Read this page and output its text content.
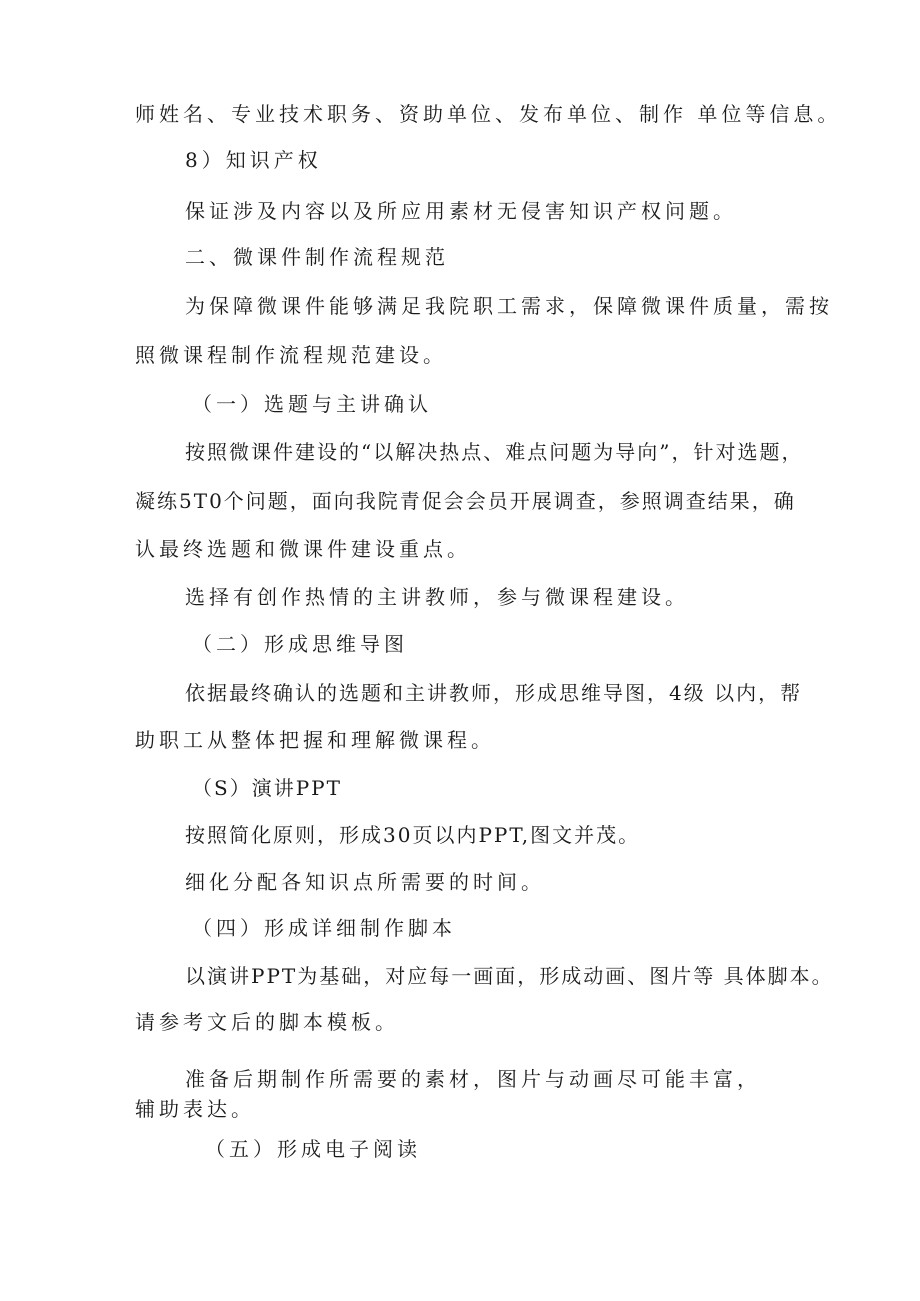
师姓名、专业技术职务、资助单位、发布单位、制作 单位等信息。
8）知识产权
保证涉及内容以及所应用素材无侵害知识产权问题。
二、微课件制作流程规范
为保障微课件能够满足我院职工需求，保障微课件质量，需按
照微课程制作流程规范建设。
（一）选题与主讲确认
按照微课件建设的“以解决热点、难点问题为导向”，针对选题，
凝练5T0个问题，面向我院青促会会员开展调查，参照调查结果，确
认最终选题和微课件建设重点。
选择有创作热情的主讲教师，参与微课程建设。
（二）形成思维导图
依据最终确认的选题和主讲教师，形成思维导图，4级 以内，帮
助职工从整体把握和理解微课程。
（S）演讲PPT
按照简化原则，形成30页以内PPT,图文并茂。
细化分配各知识点所需要的时间。
（四）形成详细制作脚本
以演讲PPT为基础，对应每一画面，形成动画、图片等 具体脚本。
请参考文后的脚本模板。
准备后期制作所需要的素材，图片与动画尽可能丰富，
辅助表达。
（五）形成电子阅读
